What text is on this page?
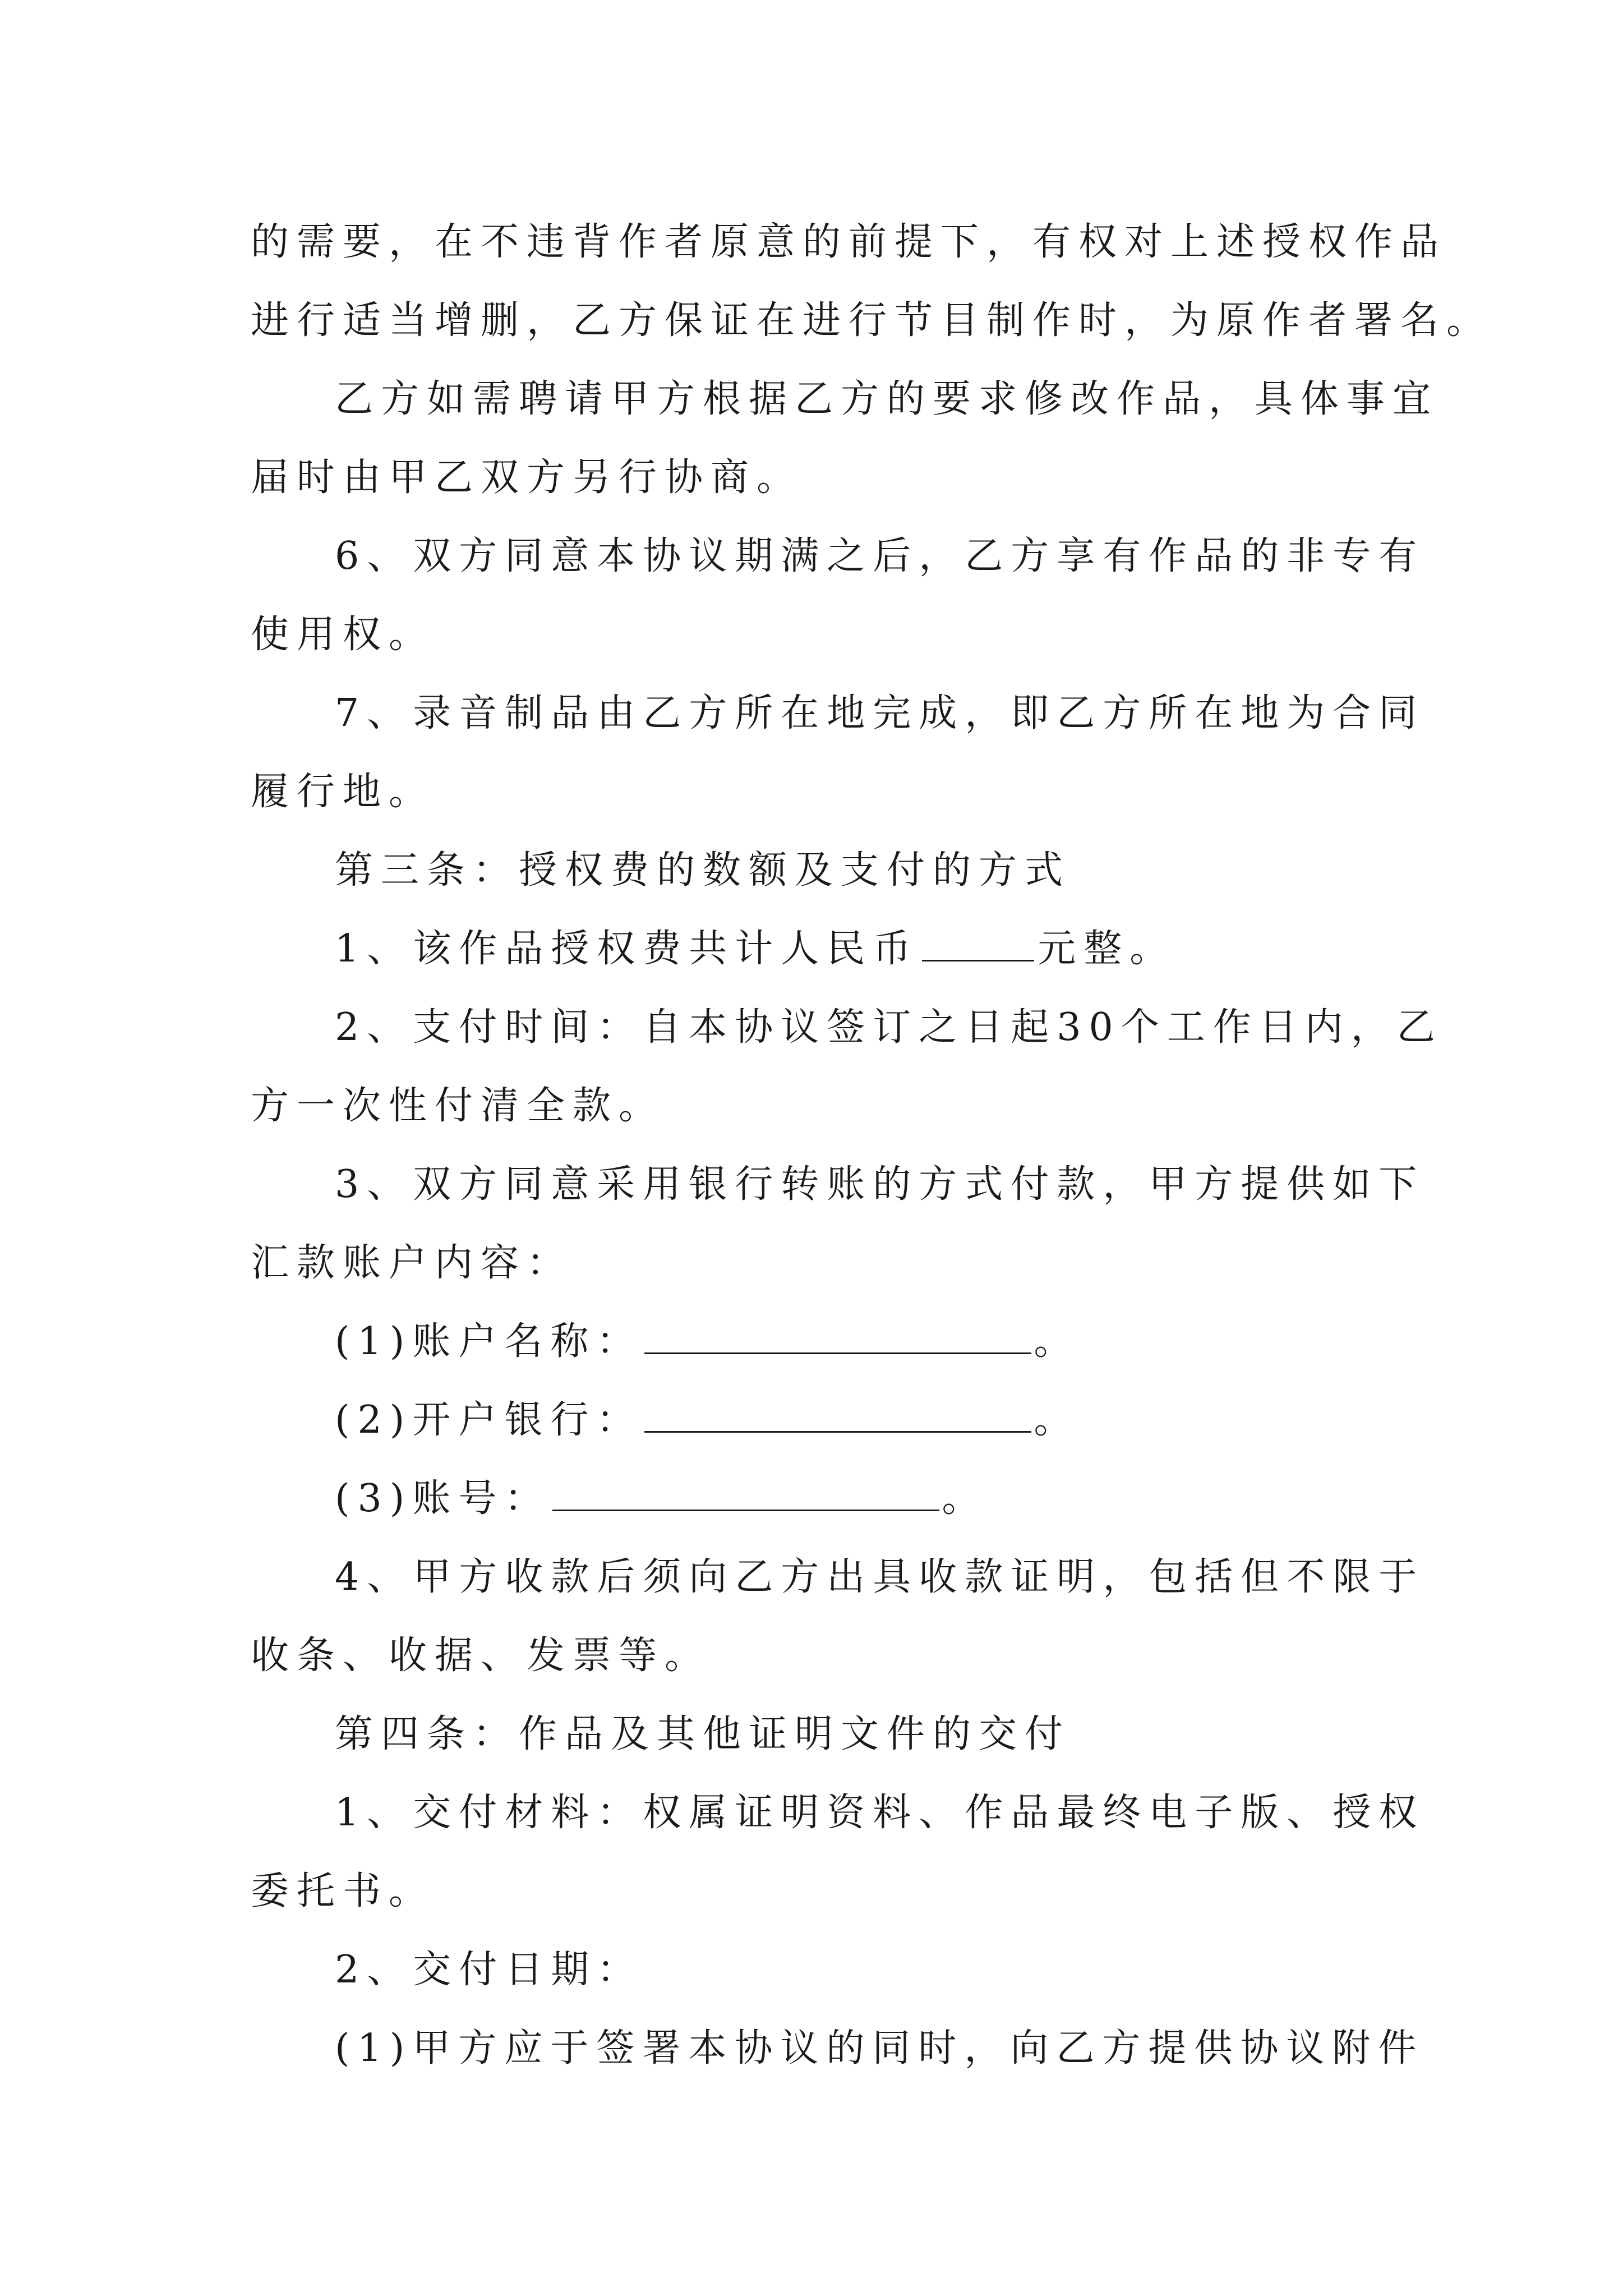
的需要，在不违背作者原意的前提下，有权对上述授权作品
进行适当增删，乙方保证在进行节目制作时，为原作者署名。
乙方如需聘请甲方根据乙方的要求修改作品，具体事宜
届时由甲乙双方另行协商。
6、双方同意本协议期满之后，乙方享有作品的非专有
使用权。
7、录音制品由乙方所在地完成，即乙方所在地为合同
履行地。
第三条：授权费的数额及支付的方式
1、该作品授权费共计人民币	元整。
2、支付时间：自本协议签订之日起30个工作日内，乙
方一次性付清全款。
3、双方同意采用银行转账的方式付款，甲方提供如下
汇款账户内容：
(1)账户名称：	。
(2)开户银行：	。
(3)账号：	。
4、甲方收款后须向乙方出具收款证明，包括但不限于
收条、收据、发票等。
第四条：作品及其他证明文件的交付
1、交付材料：权属证明资料、作品最终电子版、授权
委托书。
2、交付日期：
(1)甲方应于签署本协议的同时，向乙方提供协议附件
